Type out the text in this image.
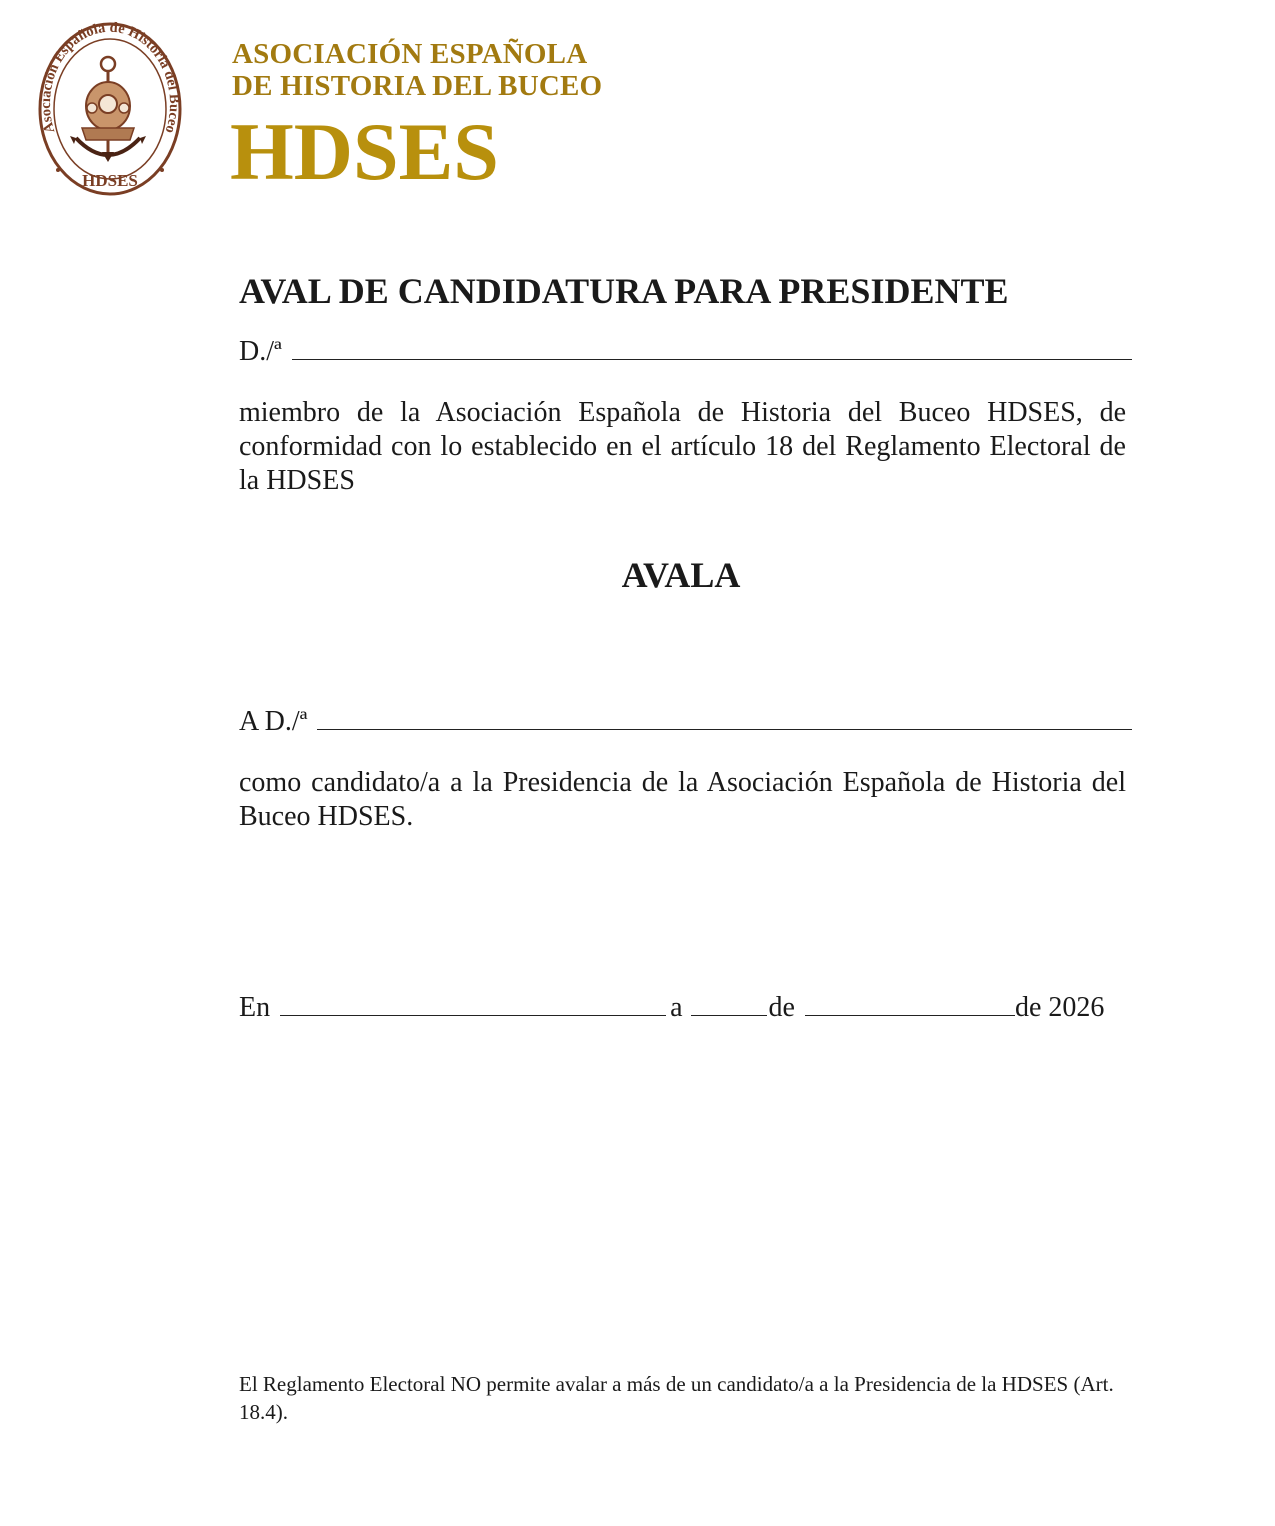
Asociación Española de Historia del Buceo
HDSES
ASOCIACIÓN ESPAÑOLA
DE HISTORIA DEL BUCEO
HDSES
AVAL DE CANDIDATURA PARA PRESIDENTE
D./ª

miembro de la Asociación Española de Historia del Buceo HDSES, de conformidad con lo establecido en el artículo 18 del Reglamento Electoral de la HDSES

AVALA
A D./ª

como candidato/a a la Presidencia de la Asociación Española de Historia del Buceo HDSES.

En	a	de	de 2026

El Reglamento Electoral NO permite avalar a más de un candidato/a a la Presidencia de la HDSES (Art. 18.4).
